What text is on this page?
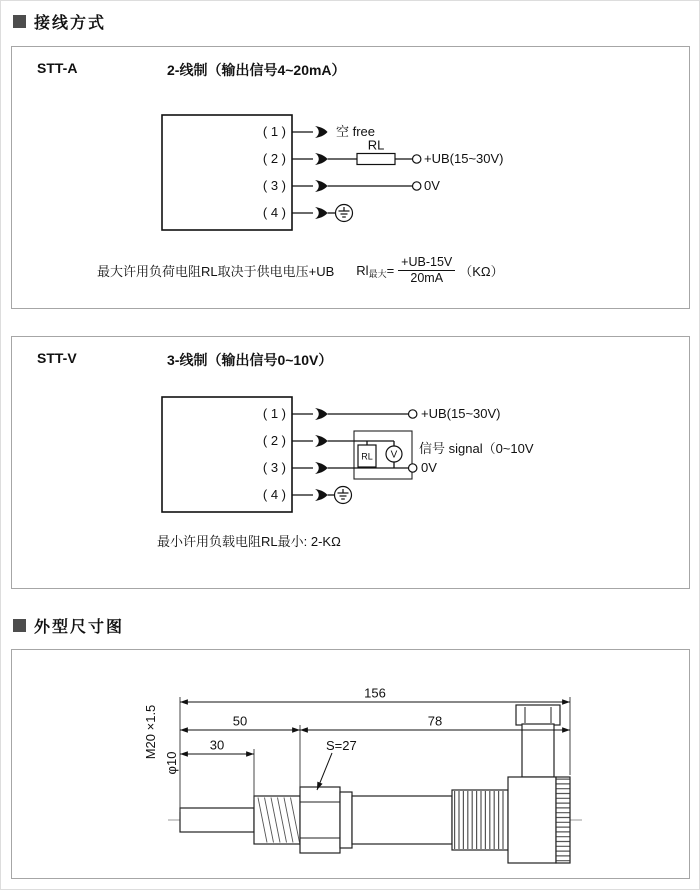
接线方式
STT-A	2-线制（输出信号4~20mA）
( 1 )
( 2 )
( 3 )
( 4 )
空 free
RL
+UB(15~30V)
0V
最大许用负荷电阻RL取决于供电电压+UB $Rl_{最大} = \frac{+UB-15V}{20mA} (K\Omega)$
STT-V	3-线制（输出信号0~10V）
( 1 )
( 2 )
( 3 )
( 4 )
+UB(15~30V)
RL V 信号 signal（0~10V
0V
最小许用负载电阻RL最小: 2-KΩ
外型尺寸图
156
50	78
30
M20 ×1.5
φ10
S=27
